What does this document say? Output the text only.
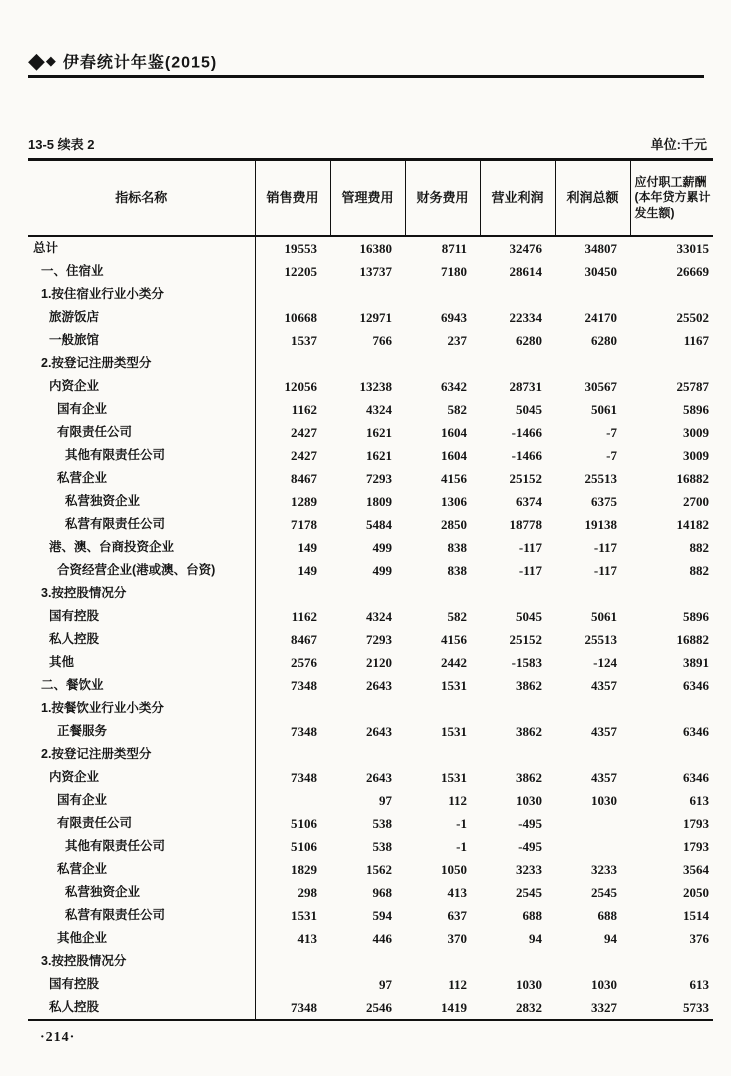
◆◆ 伊春统计年鉴(2015)
13-5 续表 2	单位:千元
指标名称	销售费用	管理费用	财务费用	营业利润	利润总额	应付职工薪酬(本年贷方累计发生额)
总计	19553	16380	8711	32476	34807	33015
一、住宿业	12205	13737	7180	28614	30450	26669
1.按住宿业行业小类分						
旅游饭店	10668	12971	6943	22334	24170	25502
一般旅馆	1537	766	237	6280	6280	1167
2.按登记注册类型分						
内资企业	12056	13238	6342	28731	30567	25787
国有企业	1162	4324	582	5045	5061	5896
有限责任公司	2427	1621	1604	-1466	-7	3009
其他有限责任公司	2427	1621	1604	-1466	-7	3009
私营企业	8467	7293	4156	25152	25513	16882
私营独资企业	1289	1809	1306	6374	6375	2700
私营有限责任公司	7178	5484	2850	18778	19138	14182
港、澳、台商投资企业	149	499	838	-117	-117	882
合资经营企业(港或澳、台资)	149	499	838	-117	-117	882
3.按控股情况分						
国有控股	1162	4324	582	5045	5061	5896
私人控股	8467	7293	4156	25152	25513	16882
其他	2576	2120	2442	-1583	-124	3891
二、餐饮业	7348	2643	1531	3862	4357	6346
1.按餐饮业行业小类分						
正餐服务	7348	2643	1531	3862	4357	6346
2.按登记注册类型分						
内资企业	7348	2643	1531	3862	4357	6346
国有企业		97	112	1030	1030	613
有限责任公司	5106	538	-1	-495		1793
其他有限责任公司	5106	538	-1	-495		1793
私营企业	1829	1562	1050	3233	3233	3564
私营独资企业	298	968	413	2545	2545	2050
私营有限责任公司	1531	594	637	688	688	1514
其他企业	413	446	370	94	94	376
3.按控股情况分						
国有控股		97	112	1030	1030	613
私人控股	7348	2546	1419	2832	3327	5733
·214·
